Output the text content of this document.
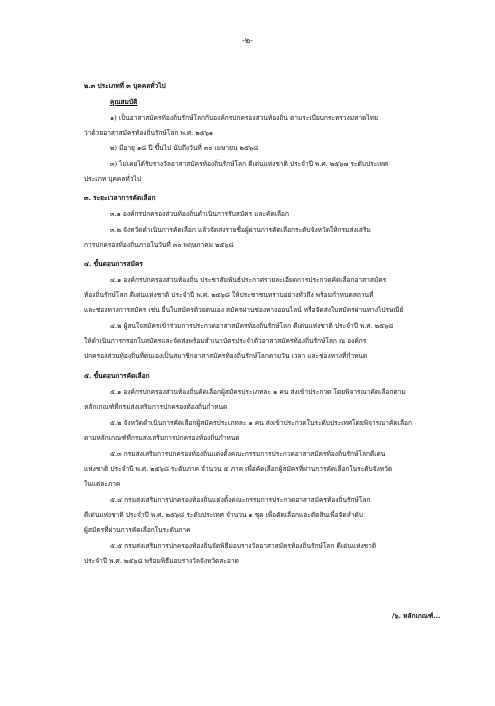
-๒-
๒.๓ ประเภทที่ ๓ บุคคลทั่วไป
คุณสมบัติ
๑) เป็นอาสาสมัครท้องถิ่นรักษ์โลกกับองค์กรปกครองส่วนท้องถิ่น ตามระเบียบกระทรวงมหาดไทย
ว่าด้วยอาสาสมัครท้องถิ่นรักษ์โลก พ.ศ. ๒๕๖๑
๒) มีอายุ ๑๘ ปี ขึ้นไป นับถึงวันที่ ๓๐ เมษายน ๒๕๖๘
๓) ไม่เคยได้รับรางวัลอาสาสมัครท้องถิ่นรักษ์โลก ดีเด่นแห่งชาติ ประจำปี พ.ศ. ๒๕๖๗ ระดับประเทศ
ประเภท บุคคลทั่วไป
๓. ระยะเวลาการคัดเลือก
๓.๑ องค์กรปกครองส่วนท้องถิ่นดำเนินการรับสมัคร และคัดเลือก
๓.๒ จังหวัดดำเนินการคัดเลือก แล้วจัดส่งรายชื่อผู้ผ่านการคัดเลือกระดับจังหวัดให้กรมส่งเสริม
การปกครองท้องถิ่นภายในวันที่ ๓๐ พฤษภาคม ๒๕๖๘
๔. ขั้นตอนการสมัคร
๔.๑ องค์กรปกครองส่วนท้องถิ่น ประชาสัมพันธ์ประกาศรายละเอียดการประกวดคัดเลือกอาสาสมัคร
ท้องถิ่นรักษ์โลก ดีเด่นแห่งชาติ ประจำปี พ.ศ. ๒๕๖๘ ให้ประชาชนทราบอย่างทั่วถึง พร้อมกำหนดสถานที่
และช่องทางการสมัคร เช่น ยื่นใบสมัครด้วยตนเอง สมัครผ่านช่องทางออนไลน์ หรือจัดส่งใบสมัครผ่านทางไปรษณีย์
๔.๒ ผู้สนใจสมัครเข้าร่วมการประกวดอาสาสมัครท้องถิ่นรักษ์โลก ดีเด่นแห่งชาติ ประจำปี พ.ศ. ๒๕๖๘
ให้ดำเนินการกรอกใบสมัครและจัดส่งพร้อมสำเนาบัตรประจำตัวอาสาสมัครท้องถิ่นรักษ์โลก ณ องค์กร
ปกครองส่วนท้องถิ่นที่ตนเองเป็นสมาชิกอาสาสมัครท้องถิ่นรักษ์โลกตามวัน เวลา และช่องทางที่กำหนด
๕. ขั้นตอนการคัดเลือก
๕.๑ องค์กรปกครองส่วนท้องถิ่นคัดเลือกผู้สมัครประเภทละ ๑ คน ส่งเข้าประกวด โดยพิจารณาคัดเลือกตาม
หลักเกณฑ์ที่กรมส่งเสริมการปกครองท้องถิ่นกำหนด
๕.๒ จังหวัดดำเนินการคัดเลือกผู้สมัครประเภทละ ๑ คน ส่งเข้าประกวดในระดับประเทศโดยพิจารณาคัดเลือก
ตามหลักเกณฑ์ที่กรมส่งเสริมการปกครองท้องถิ่นกำหนด
๕.๓ กรมส่งเสริมการปกครองท้องถิ่นแต่งตั้งคณะกรรมการประกวดอาสาสมัครท้องถิ่นรักษ์โลกดีเด่น
แห่งชาติ ประจำปี พ.ศ. ๒๕๖๘ ระดับภาค จำนวน ๕ ภาค เพื่อคัดเลือกผู้สมัครที่ผ่านการคัดเลือกในระดับจังหวัด
ในแต่ละภาค
๕.๔ กรมส่งเสริมการปกครองท้องถิ่นแต่งตั้งคณะกรรมการประกวดอาสาสมัครท้องถิ่นรักษ์โลก
ดีเด่นแห่งชาติ ประจำปี พ.ศ. ๒๕๖๘ ระดับประเทศ จำนวน ๑ ชุด เพื่อคัดเลือกและตัดสินเพื่อจัดลำดับ
ผู้สมัครที่ผ่านการคัดเลือกในระดับภาค
๕.๕ กรมส่งเสริมการปกครองท้องถิ่นจัดพิธีมอบรางวัลอาสาสมัครท้องถิ่นรักษ์โลก ดีเด่นแห่งชาติ
ประจำปี พ.ศ. ๒๕๖๘ พร้อมพิธีมอบรางวัลจังหวัดสะอาด
/๖. หลักเกณฑ์...
